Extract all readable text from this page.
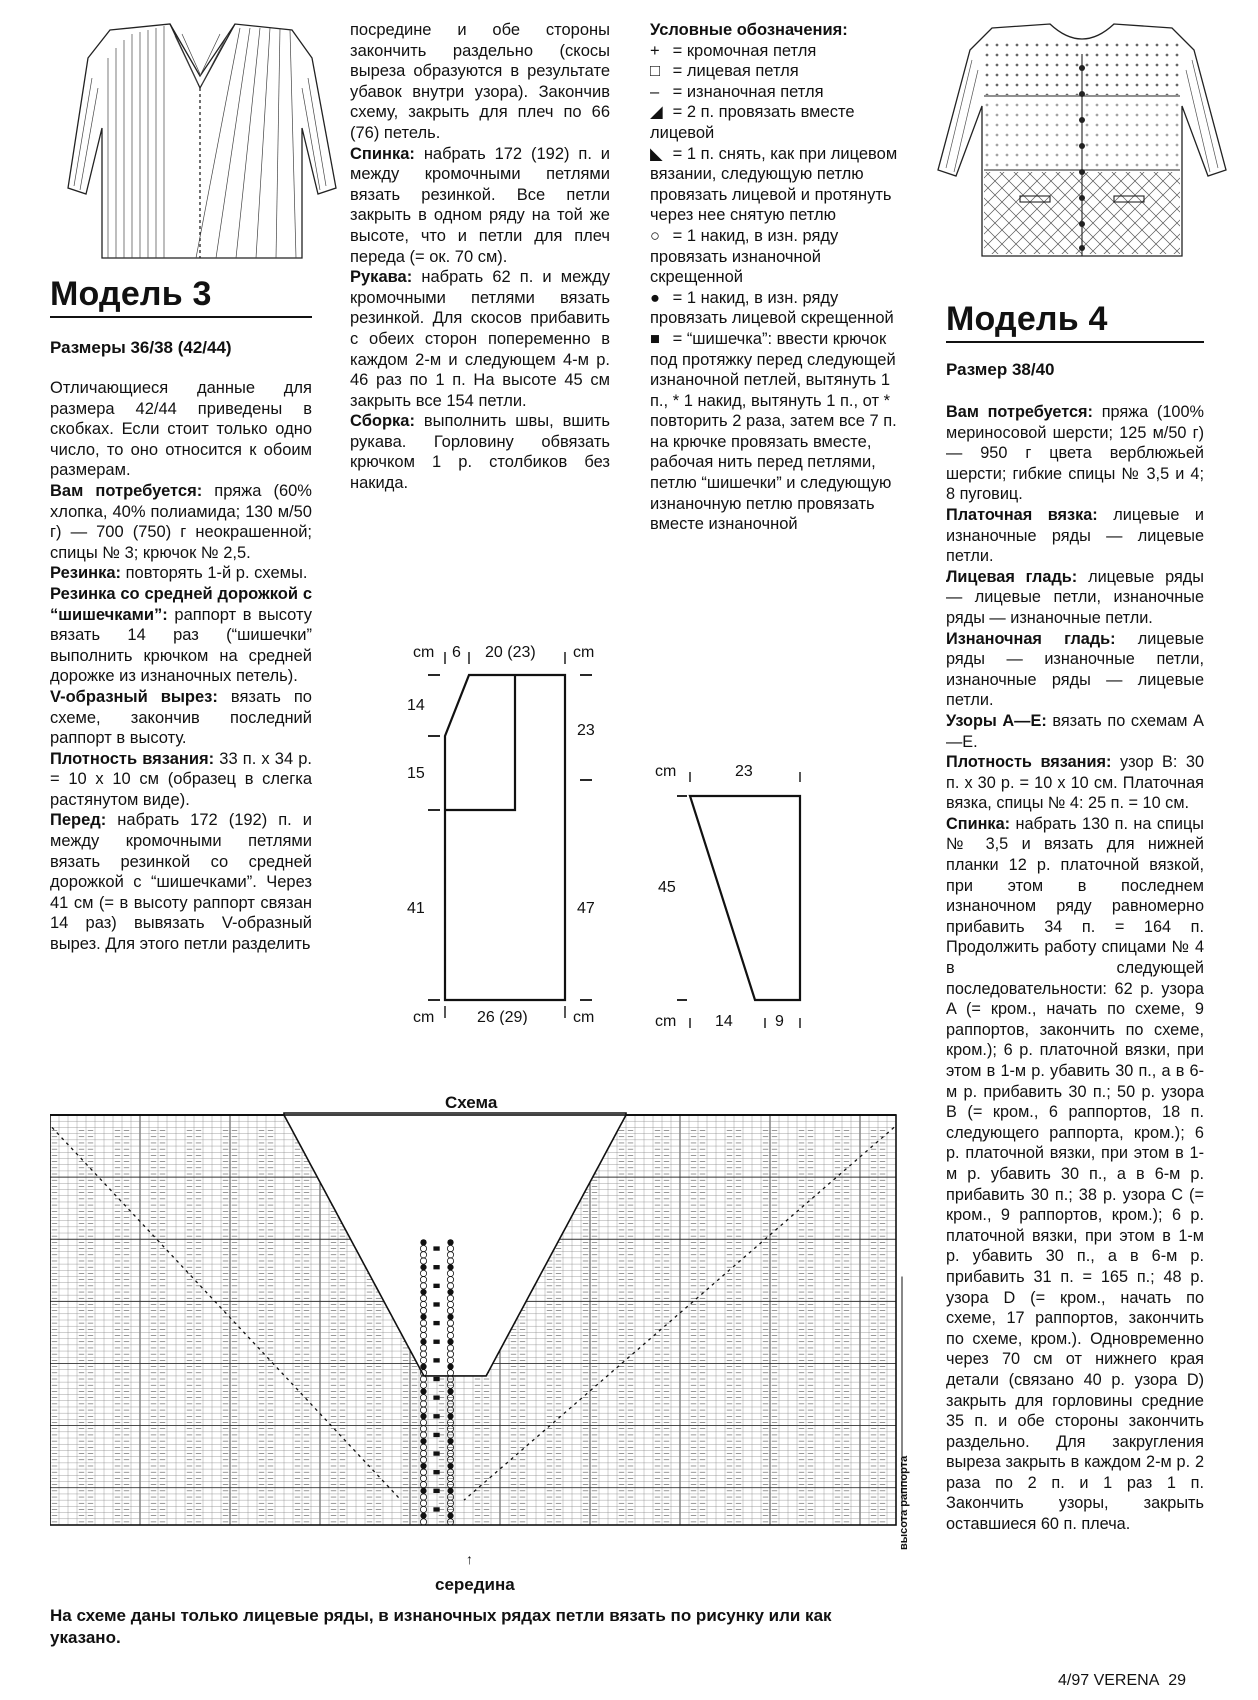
Модель 3
Размеры 36/38 (42/44)

Отличающиеся данные для размера 42/44 приведены в скобках. Если стоит только одно число, то оно относится к обоим размерам.

Вам потребуется: пряжа (60% хлопка, 40% полиамида; 130 м/50 г) — 700 (750) г неокрашенной; спицы № 3; крючок № 2,5.

Резинка: повторять 1-й р. схемы.

Резинка со средней дорожкой с “шишечками”: раппорт в высоту вязать 14 раз (“шишечки” выполнить крючком на средней дорожке из изнаночных петель).

V-образный вырез: вязать по схеме, закончив последний раппорт в высоту.

Плотность вязания: 33 п. х 34 р. = 10 х 10 см (образец в слегка растянутом виде).

Перед: набрать 172 (192) п. и между кромочными петлями вязать резинкой со средней дорожкой с “шишечками”. Через 41 см (= в высоту раппорт связан 14 раз) вывязать V-образный вырез. Для этого петли разделить

посредине и обе стороны закончить раздельно (скосы выреза образуются в результате убавок внутри узора). Закончив схему, закрыть для плеч по 66 (76) петель.

Спинка: набрать 172 (192) п. и между кромочными петлями вязать резинкой. Все петли закрыть в одном ряду на той же высоте, что и петли для плеч переда (= ок. 70 см).

Рукава: набрать 62 п. и между кромочными петлями вязать резинкой. Для скосов прибавить с обеих сторон попеременно в каждом 2-м и следующем 4-м р. 46 раз по 1 п. На высоте 45 см закрыть все 154 петли.

Сборка: выполнить швы, вшить рукава. Горловину обвязать крючком 1 р. столбиков без накида.

Условные обозначения:

+ = кромочная петля

□ = лицевая петля

– = изнаночная петля

◢ = 2 п. провязать вместе лицевой

◣ = 1 п. снять, как при лицевом вязании, следующую петлю провязать лицевой и протянуть через нее снятую петлю

○ = 1 накид, в изн. ряду провязать изнаночной скрещенной

● = 1 накид, в изн. ряду провязать лицевой скрещенной

■ = “шишечка”: ввести крючок под протяжку перед следующей изнаночной петлей, вытянуть 1 п., * 1 накид, вытянуть 1 п., от * повторить 2 раза, затем все 7 п. на крючке провязать вместе, рабочая нить перед петлями, петлю “шишечки” и следующую изнаночную петлю провязать вместе изнаночной

Модель 4
Размер 38/40

Вам потребуется: пряжа (100% мериносовой шерсти; 125 м/50 г) — 950 г цвета верблюжьей шерсти; гибкие спицы № 3,5 и 4; 8 пуговиц.

Платочная вязка: лицевые и изнаночные ряды — лицевые петли.

Лицевая гладь: лицевые ряды — лицевые петли, изнаночные ряды — изнаночные петли.

Изнаночная гладь: лицевые ряды — изнаночные петли, изнаночные ряды — лицевые петли.

Узоры A—E: вязать по схемам A—E.

Плотность вязания: узор B: 30 п. х 30 р. = 10 х 10 см. Платочная вязка, спицы № 4: 25 п. = 10 см.

Спинка: набрать 130 п. на спицы № 3,5 и вязать для нижней планки 12 р. платочной вязкой, при этом в последнем изнаночном ряду равномерно прибавить 34 п. = 164 п. Продолжить работу спицами № 4 в следующей последовательности: 62 р. узора A (= кром., начать по схеме, 9 раппортов, закончить по схеме, кром.); 6 р. платочной вязки, при этом в 1-м р. убавить 30 п., а в 6-м р. прибавить 30 п.; 50 р. узора B (= кром., 6 раппортов, 18 п. следующего раппорта, кром.); 6 р. платочной вязки, при этом в 1-м р. убавить 30 п., а в 6-м р. прибавить 30 п.; 38 р. узора C (= кром., 9 раппортов, кром.); 6 р. платочной вязки, при этом в 1-м р. убавить 30 п., а в 6-м р. прибавить 31 п. = 165 п.; 48 р. узора D (= кром., начать по схеме, 17 раппортов, закончить по схеме, кром.). Одновременно через 70 см от нижнего края детали (связано 40 р. узора D) закрыть для горловины средние 35 п. и обе стороны закончить раздельно. Для закругления выреза закрыть в каждом 2-м р. 2 раза по 2 п. и 1 раз 1 п. Закончить узоры, закрыть оставшиеся 60 п. плеча.

cm 6 20 (23) cm
14
15
41
23
47
cm	26 (29)	cm
cm	23
45
cm 14	9
Схема
высота раппорта
↑
середина
На схеме даны только лицевые ряды, в изнаночных рядах петли вязать по рисунку или как указано.
4/97 VERENA 29
